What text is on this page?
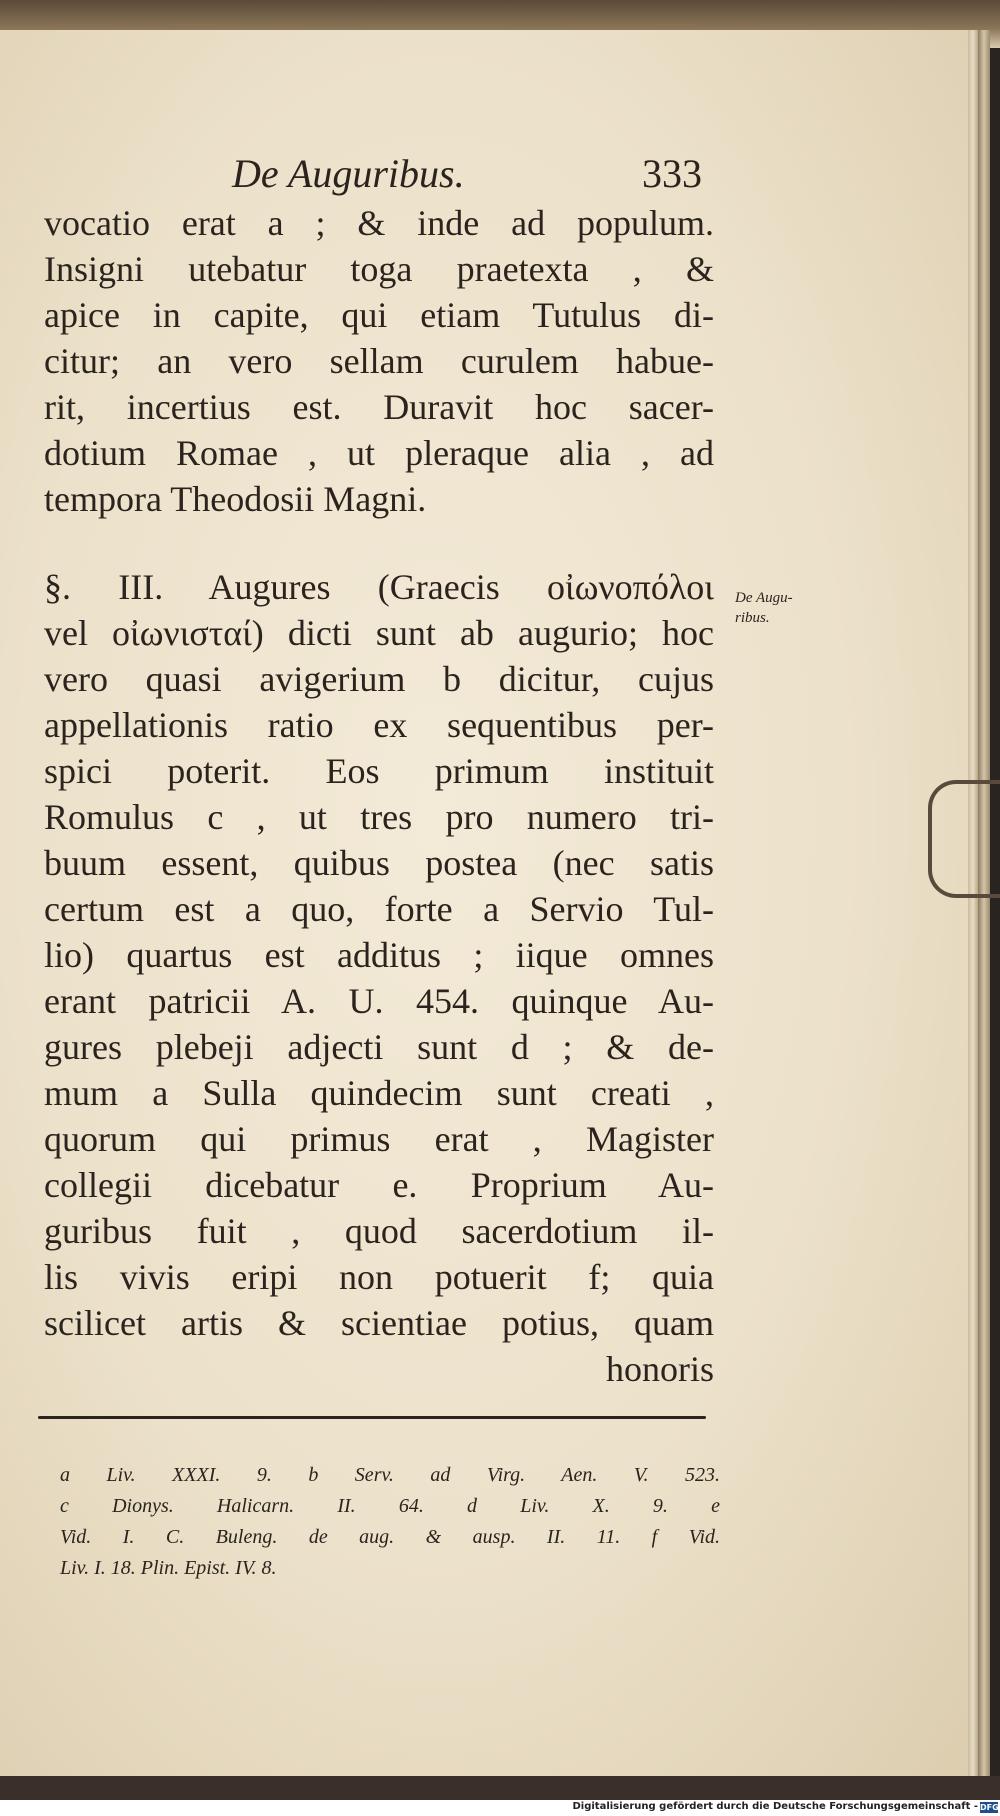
De Auguribus.	333
vocatio erat a ; & inde ad populum.
Insigni utebatur toga praetexta , &
apice in capite, qui etiam Tutulus di-
citur; an vero sellam curulem habue-
rit, incertius est. Duravit hoc sacer-
dotium Romae , ut pleraque alia , ad
tempora Theodosii Magni.
§. III. Augures (Graecis οἰωνοπόλοι
vel οἰωνισταί) dicti sunt ab augurio; hoc
vero quasi avigerium b dicitur, cujus
appellationis ratio ex sequentibus per-
spici poterit. Eos primum instituit
Romulus c , ut tres pro numero tri-
buum essent, quibus postea (nec satis
certum est a quo, forte a Servio Tul-
lio) quartus est additus ; iique omnes
erant patricii A. U. 454. quinque Au-
gures plebeji adjecti sunt d ; & de-
mum a Sulla quindecim sunt creati ,
quorum qui primus erat , Magister
collegii dicebatur e. Proprium Au-
guribus fuit , quod sacerdotium il-
lis vivis eripi non potuerit f; quia
scilicet artis & scientiae potius, quam
honoris
De Augu-
ribus.
a Liv. XXXI. 9. b Serv. ad Virg. Aen. V. 523.
c Dionys. Halicarn. II. 64. d Liv. X. 9. e
Vid. I. C. Buleng. de aug. & ausp. II. 11. f Vid.
Liv. I. 18. Plin. Epist. IV. 8.
Digitalisierung gefördert durch die Deutsche Forschungsgemeinschaft - DFG
